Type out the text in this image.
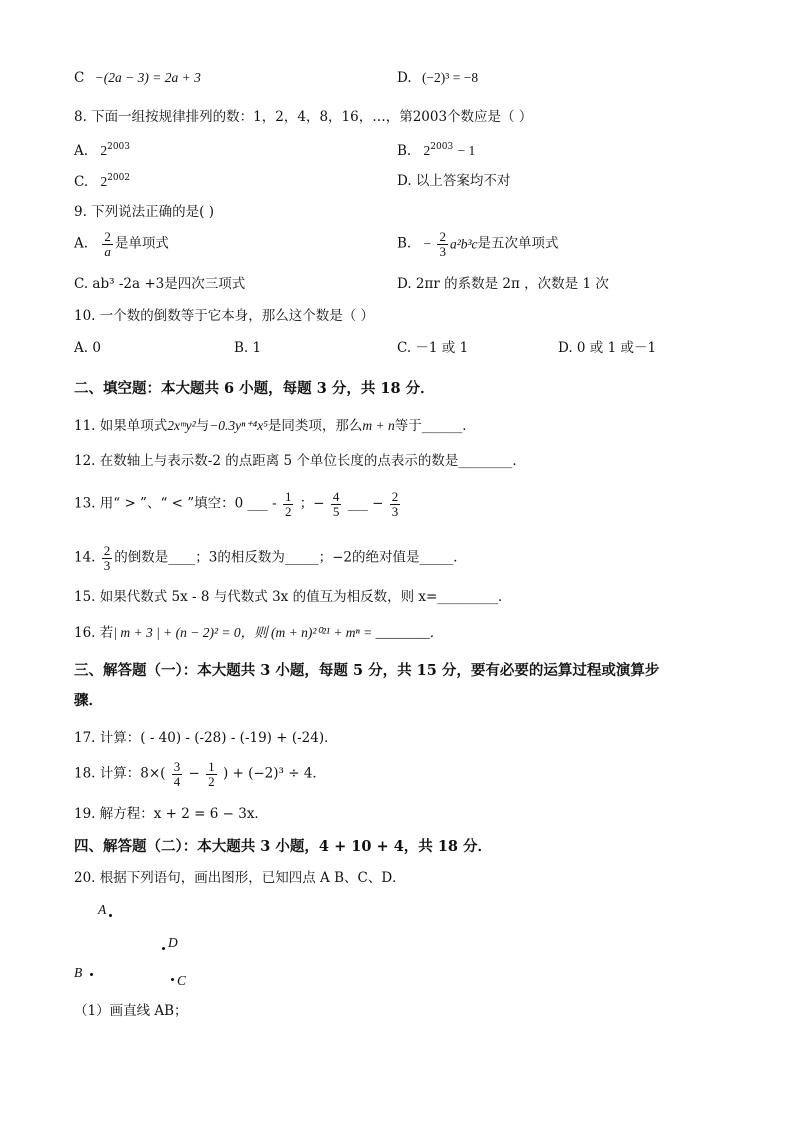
C −(2a − 3) = 2a + 3	D. (−2)³ = −8
8. 下面一组按规律排列的数：1，2，4，8，16，…，第2003个数应是（ ）
A. $2^{2003}$	B. $2^{2003} - 1$
C. $2^{2002}$	D. 以上答案均不对
9. 下列说法正确的是( )
A. $\frac{2}{a}$ 是单项式	B. − $\frac{2}{3} a^2b^3c$是五次单项式
C. ab³ -2a +3是四次三项式	D. 2πr 的系数是 2π ，次数是 1 次
10. 一个数的倒数等于它本身，那么这个数是（ ）
A. 0	B. 1	C. －1 或 1	D. 0 或 1 或－1
二、填空题：本大题共 6 小题，每题 3 分，共 18 分．
11. 如果单项式2xᵐy²与−0.3yⁿ⁺⁴x⁵是同类项，那么m + n等于______．
12. 在数轴上与表示数-2 的点距离 5 个单位长度的点表示的数是________．
13. 用“ > ”、“ < ”填空：0 ___ - $\frac{1}{2}$ ；− $\frac{4}{5}$ ___ − $\frac{2}{3}$
14. $\frac{2}{3}$ 的倒数是____；3的相反数为_____；−2的绝对值是_____．
15. 如果代数式 5x - 8 与代数式 3x 的值互为相反数，则 x=_________．
16. 若| m + 3 | + (n − 2)² = 0，则 (m + n)²⁰²¹ + mⁿ = ________．
三、解答题（一）：本大题共 3 小题，每题 5 分，共 15 分，要有必要的运算过程或演算步
骤．
17. 计算：( - 40) - (-28) - (-19) + (-24)．
18. 计算：$8\times( \frac{3}{4} - \frac{1}{2}$ ) + (−2)³ ÷ 4．
19. 解方程：x + 2 = 6 − 3x．
四、解答题（二）：本大题共 3 小题，4 + 10 + 4，共 18 分．
20. 根据下列语句，画出图形，已知四点 A B、C、D．
A
D
B
C
（1）画直线 AB；
